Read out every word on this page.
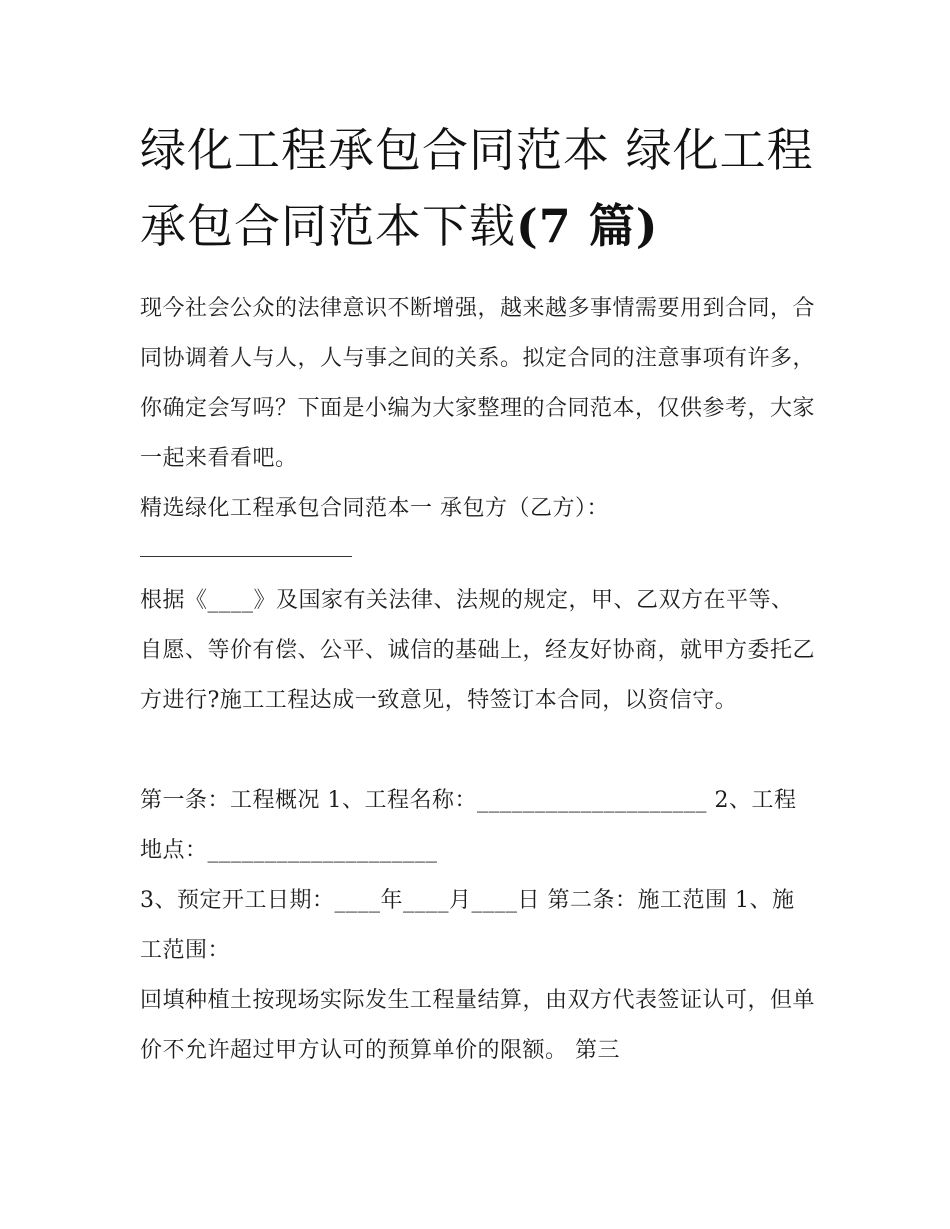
绿化工程承包合同范本 绿化工程承包合同范本下载(7 篇)

现今社会公众的法律意识不断增强，越来越多事情需要用到合同，合同协调着人与人，人与事之间的关系。拟定合同的注意事项有许多，你确定会写吗？下面是小编为大家整理的合同范本，仅供参考，大家一起来看看吧。

精选绿化工程承包合同范本一 承包方（乙方）：

根据《____》及国家有关法律、法规的规定，甲、乙双方在平等、自愿、等价有偿、公平、诚信的基础上，经友好协商，就甲方委托乙方进行?施工工程达成一致意见，特签订本合同，以资信守。

第一条：工程概况 1、工程名称：____________________ 2、工程地点：____________________

3、预定开工日期：____年____月____日 第二条：施工范围 1、施工范围：

回填种植土按现场实际发生工程量结算，由双方代表签证认可，但单价不允许超过甲方认可的预算单价的限额。 第三
